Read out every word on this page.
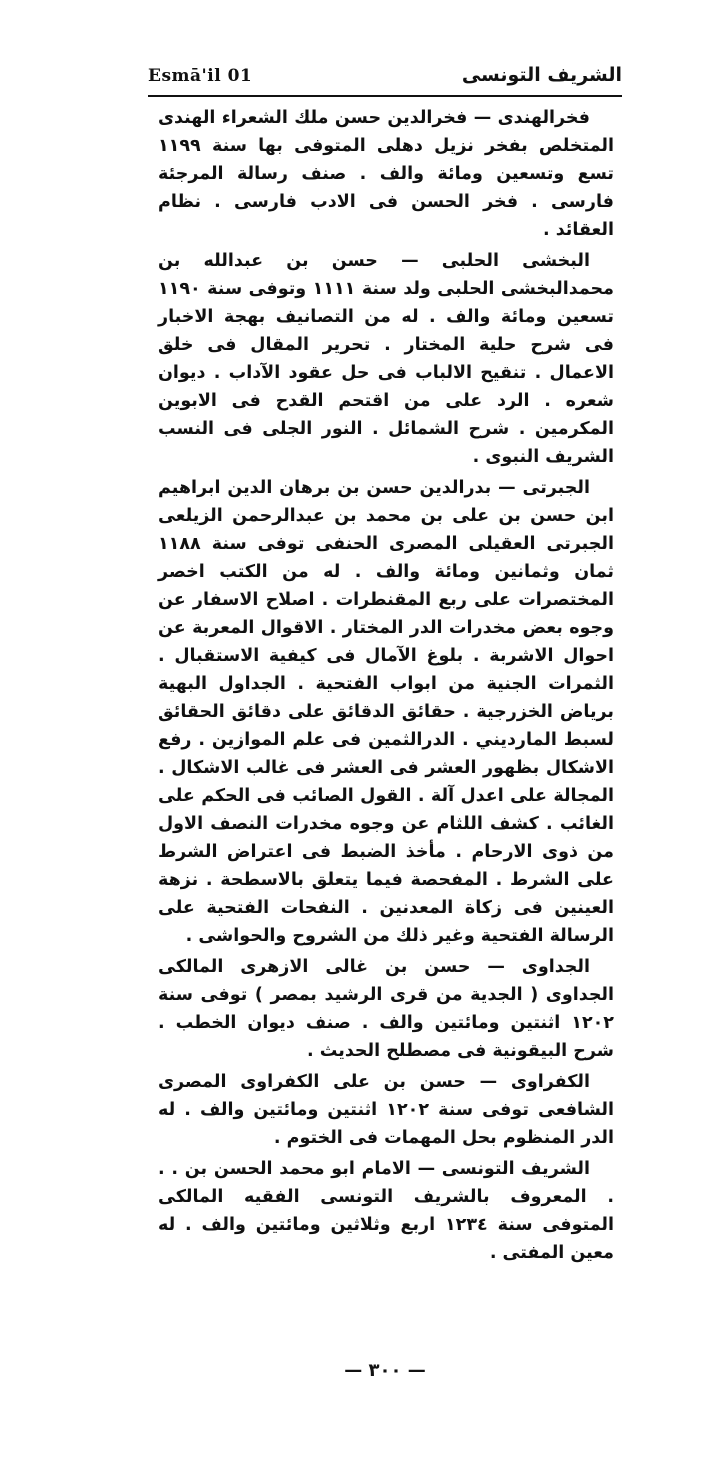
Esmā'il 01	الشريف التونسى

فخرالهندى — فخرالدين حسن ملك الشعراء الهندى المتخلص بفخر نزيل دهلى المتوفى بها سنة ١١٩٩ تسع وتسعين ومائة والف . صنف رسالة المرجئة فارسى . فخر الحسن فى الادب فارسى . نظام العقائد .

البخشى الحلبى — حسن بن عبدالله بن محمدالبخشى الحلبى ولد سنة ١١١١ وتوفى سنة ١١٩٠ تسعين ومائة والف . له من التصانيف بهجة الاخبار فى شرح حلية المختار . تحرير المقال فى خلق الاعمال . تنقيح الالباب فى حل عقود الآداب . ديوان شعره . الرد على من اقتحم القدح فى الابوين المكرمين . شرح الشمائل . النور الجلى فى النسب الشريف النبوى .

الجبرتى — بدرالدين حسن بن برهان الدين ابراهيم ابن حسن بن على بن محمد بن عبدالرحمن الزيلعى الجبرتى العقيلى المصرى الحنفى توفى سنة ١١٨٨ ثمان وثمانين ومائة والف . له من الكتب اخصر المختصرات على ربع المقنطرات . اصلاح الاسفار عن وجوه بعض مخدرات الدر المختار . الاقوال المعربة عن احوال الاشربة . بلوغ الآمال فى كيفية الاستقبال . الثمرات الجنية من ابواب الفتحية . الجداول البهية برياض الخزرجية . حقائق الدقائق على دقائق الحقائق لسبط المارديني . الدرالثمين فى علم الموازين . رفع الاشكال بظهور العشر فى العشر فى غالب الاشكال . المجالة على اعدل آلة . القول الصائب فى الحكم على الغائب . كشف اللثام عن وجوه مخدرات النصف الاول من ذوى الارحام . مأخذ الضبط فى اعتراض الشرط على الشرط . المفحصة فيما يتعلق بالاسطحة . نزهة العينين فى زكاة المعدنين . النفحات الفتحية على الرسالة الفتحية وغير ذلك من الشروح والحواشى .

الجداوى — حسن بن غالى الازهرى المالكى الجداوى ( الجدية من قرى الرشيد بمصر ) توفى سنة ١٢٠٢ اثنتين ومائتين والف . صنف ديوان الخطب . شرح البيقونية فى مصطلح الحديث .

الكفراوى — حسن بن على الكفراوى المصرى الشافعى توفى سنة ١٢٠٢ اثنتين ومائتين والف . له الدر المنظوم بحل المهمات فى الختوم .

الشريف التونسى — الامام ابو محمد الحسن بن . . . المعروف بالشريف التونسى الفقيه المالكى المتوفى سنة ١٢٣٤ اربع وثلاثين ومائتين والف . له معين المفتى .

— ٣٠٠ —
